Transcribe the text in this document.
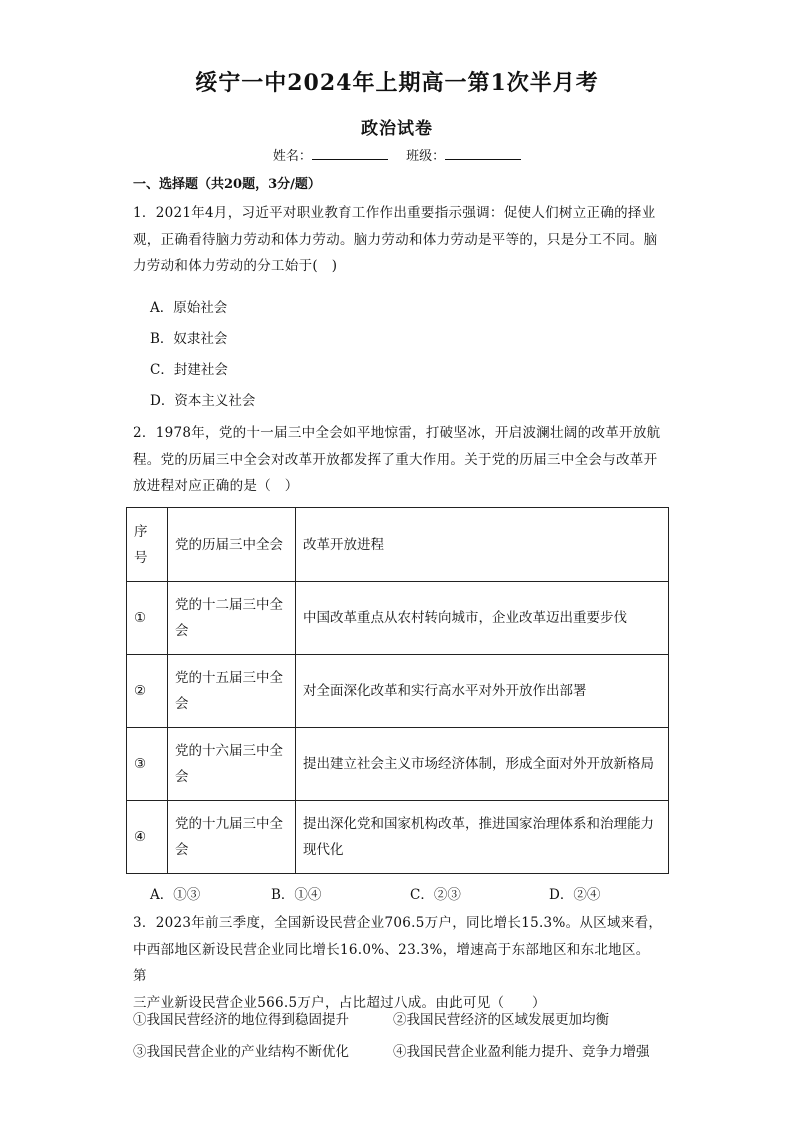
绥宁一中2024年上期高一第1次半月考
政治试卷
姓名：	班级：
一、选择题（共20题，3分/题）
1．2021年4月，习近平对职业教育工作作出重要指示强调：促使人们树立正确的择业
观，正确看待脑力劳动和体力劳动。脑力劳动和体力劳动是平等的，只是分工不同。脑
力劳动和体力劳动的分工始于(　)
A．原始社会
B．奴隶社会
C．封建社会
D．资本主义社会
2．1978年，党的十一届三中全会如平地惊雷，打破坚冰，开启波澜壮阔的改革开放航
程。党的历届三中全会对改革开放都发挥了重大作用。关于党的历届三中全会与改革开
放进程对应正确的是（　）
序号	党的历届三中全会	改革开放进程
①	党的十二届三中全会	中国改革重点从农村转向城市，企业改革迈出重要步伐
②	党的十五届三中全会	对全面深化改革和实行高水平对外开放作出部署
③	党的十六届三中全会	提出建立社会主义市场经济体制，形成全面对外开放新格局
④	党的十九届三中全会	提出深化党和国家机构改革，推进国家治理体系和治理能力现代化
A．①③	B．①④	C．②③	D．②④
3．2023年前三季度，全国新设民营企业706.5万户，同比增长15.3%。从区域来看，
中西部地区新设民营企业同比增长16.0%、23.3%，增速高于东部地区和东北地区。第
三产业新设民营企业566.5万户，占比超过八成。由此可见（　　）
①我国民营经济的地位得到稳固提升	②我国民营经济的区域发展更加均衡
③我国民营企业的产业结构不断优化	④我国民营企业盈利能力提升、竞争力增强
